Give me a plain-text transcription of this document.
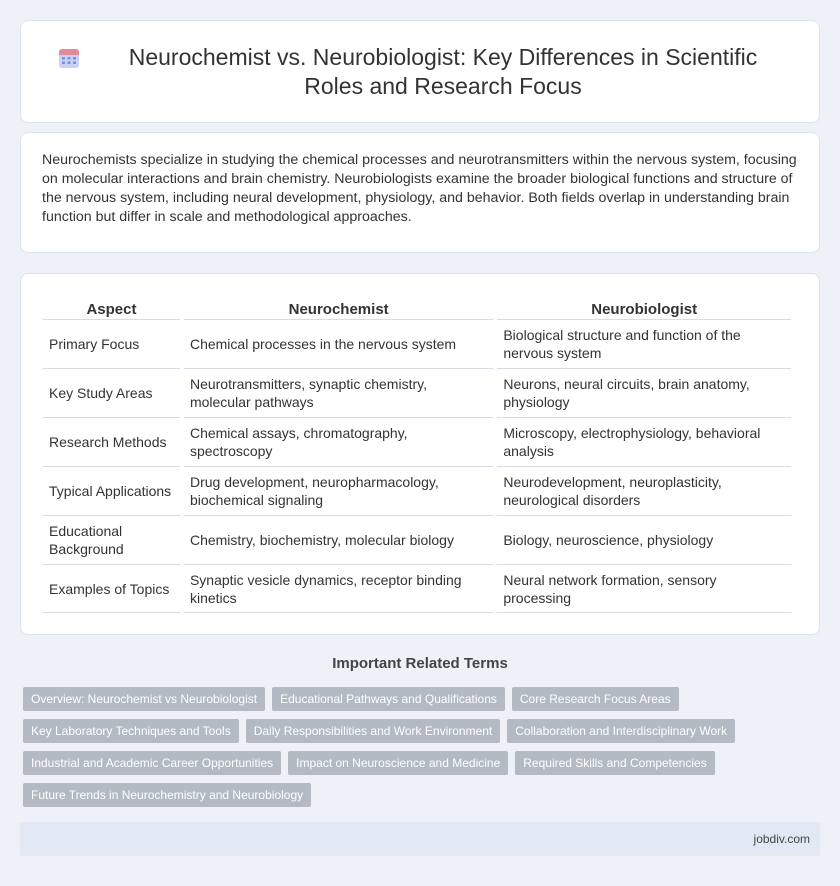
Neurochemist vs. Neurobiologist: Key Differences in Scientific Roles and Research Focus

Neurochemists specialize in studying the chemical processes and neurotransmitters within the nervous system, focusing on molecular interactions and brain chemistry. Neurobiologists examine the broader biological functions and structure of the nervous system, including neural development, physiology, and behavior. Both fields overlap in understanding brain function but differ in scale and methodological approaches.

Aspect	Neurochemist	Neurobiologist
Primary Focus	Chemical processes in the nervous system	Biological structure and function of the nervous system
Key Study Areas	Neurotransmitters, synaptic chemistry, molecular pathways	Neurons, neural circuits, brain anatomy, physiology
Research Methods	Chemical assays, chromatography, spectroscopy	Microscopy, electrophysiology, behavioral analysis
Typical Applications	Drug development, neuropharmacology, biochemical signaling	Neurodevelopment, neuroplasticity, neurological disorders
Educational Background	Chemistry, biochemistry, molecular biology	Biology, neuroscience, physiology
Examples of Topics	Synaptic vesicle dynamics, receptor binding kinetics	Neural network formation, sensory processing
Important Related Terms
Overview: Neurochemist vs Neurobiologist	Educational Pathways and Qualifications	Core Research Focus Areas
Key Laboratory Techniques and Tools	Daily Responsibilities and Work Environment	Collaboration and Interdisciplinary Work
Industrial and Academic Career Opportunities	Impact on Neuroscience and Medicine	Required Skills and Competencies
Future Trends in Neurochemistry and Neurobiology
jobdiv.com
